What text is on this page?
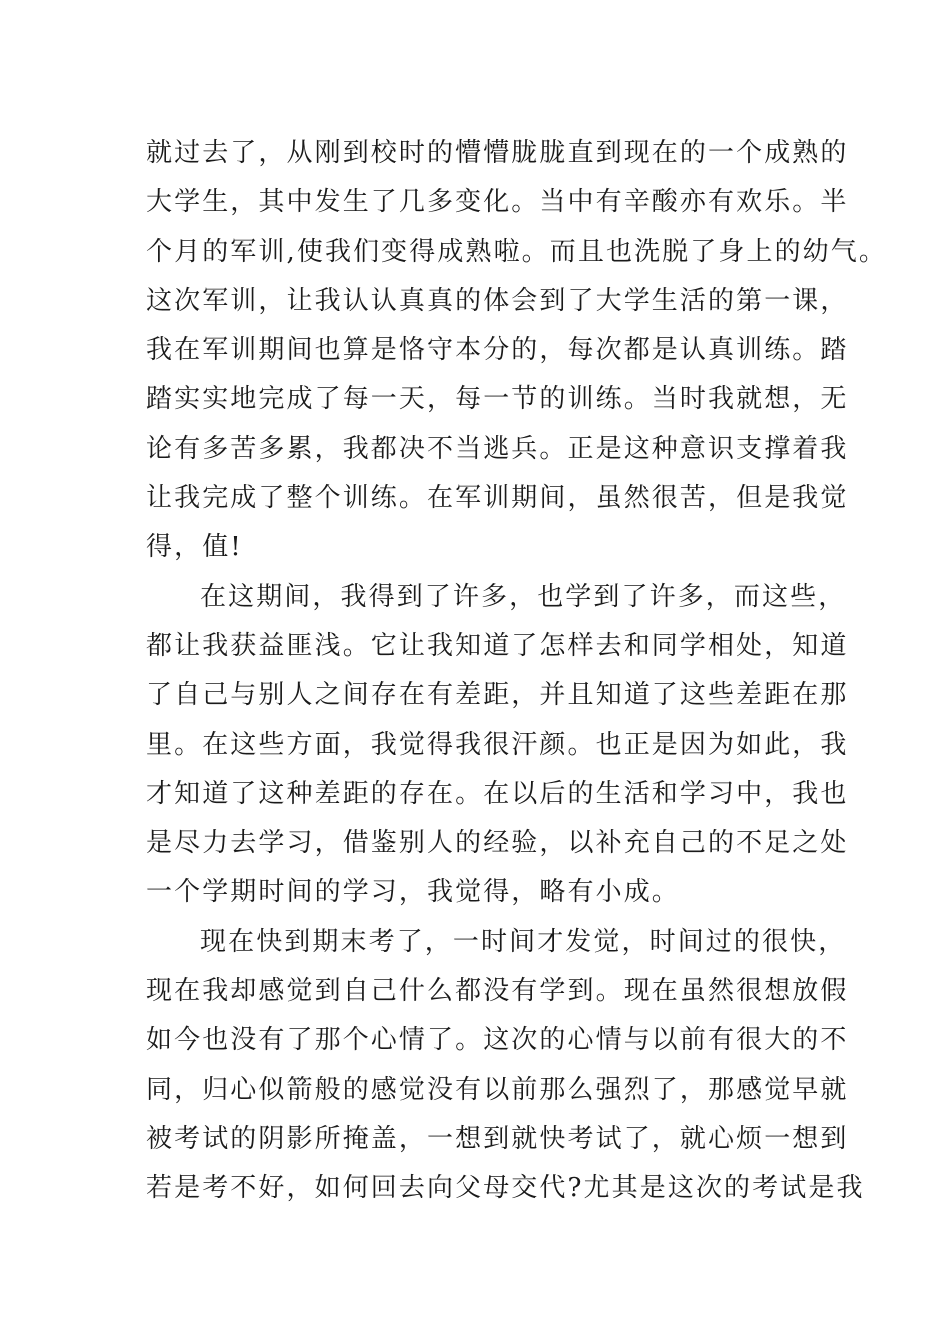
就过去了，从刚到校时的懵懵胧胧直到现在的一个成熟的
大学生，其中发生了几多变化。当中有辛酸亦有欢乐。半
个月的军训,使我们变得成熟啦。而且也洗脱了身上的幼气。
这次军训，让我认认真真的体会到了大学生活的第一课，
我在军训期间也算是恪守本分的，每次都是认真训练。踏
踏实实地完成了每一天，每一节的训练。当时我就想，无
论有多苦多累，我都决不当逃兵。正是这种意识支撑着我
让我完成了整个训练。在军训期间，虽然很苦，但是我觉
得，值!
在这期间，我得到了许多，也学到了许多，而这些，
都让我获益匪浅。它让我知道了怎样去和同学相处，知道
了自己与别人之间存在有差距，并且知道了这些差距在那
里。在这些方面，我觉得我很汗颜。也正是因为如此，我
才知道了这种差距的存在。在以后的生活和学习中，我也
是尽力去学习，借鉴别人的经验，以补充自己的不足之处
一个学期时间的学习，我觉得，略有小成。
现在快到期末考了，一时间才发觉，时间过的很快，
现在我却感觉到自己什么都没有学到。现在虽然很想放假
如今也没有了那个心情了。这次的心情与以前有很大的不
同，归心似箭般的感觉没有以前那么强烈了，那感觉早就
被考试的阴影所掩盖，一想到就快考试了，就心烦一想到
若是考不好，如何回去向父母交代?尤其是这次的考试是我
